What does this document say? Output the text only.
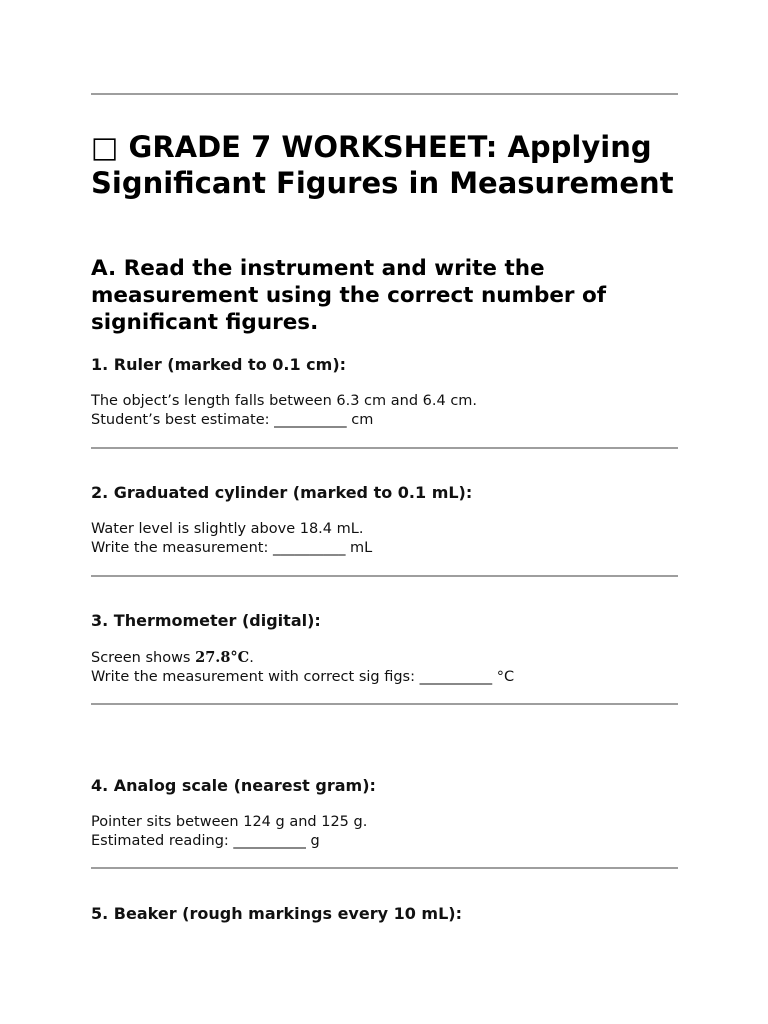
□ GRADE 7 WORKSHEET: Applying Significant Figures in Measurement
A. Read the instrument and write the measurement using the correct number of significant figures.
1. Ruler (marked to 0.1 cm):

The object’s length falls between 6.3 cm and 6.4 cm.
Student’s best estimate: __________ cm

2. Graduated cylinder (marked to 0.1 mL):

Water level is slightly above 18.4 mL.
Write the measurement: __________ mL

3. Thermometer (digital):

Screen shows 27.8°C.
Write the measurement with correct sig figs: __________ °C

4. Analog scale (nearest gram):

Pointer sits between 124 g and 125 g.
Estimated reading: __________ g

5. Beaker (rough markings every 10 mL):
